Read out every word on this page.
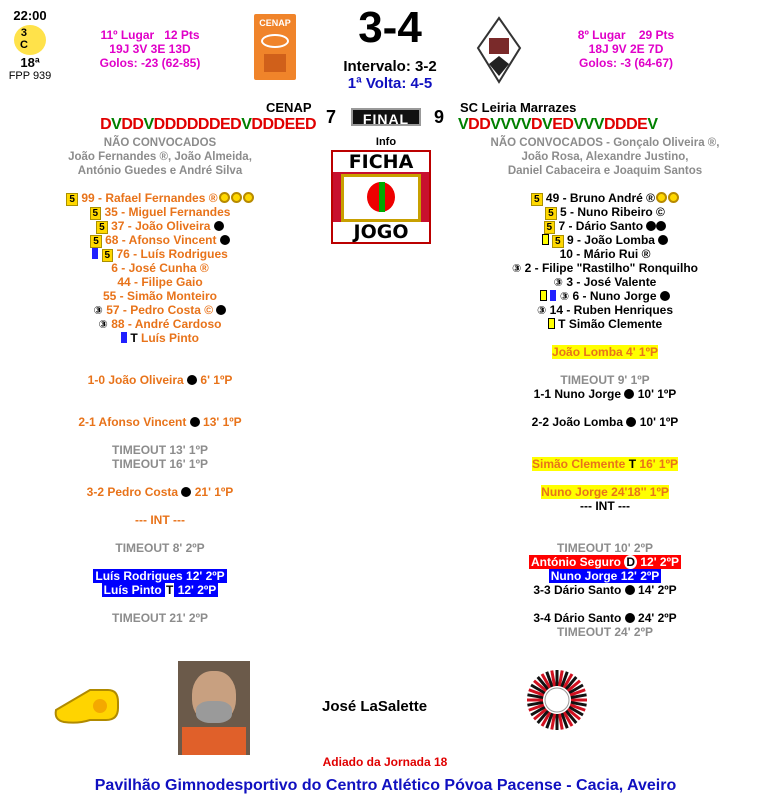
22:00
3
C
18ª
FPP 939
11º Lugar 12 Pts
19J 3V 3E 13D
Golos: -23 (62-85)
CENAP	3-4
Intervalo: 3-2
1ª Volta: 4-5
8º Lugar 29 Pts
18J 9V 2E 7D
Golos: -3 (64-67)
CENAP	SC Leiria Marrazes
DVDDVDDDDDDEDVDDDEED	VDDVVVVDVEDVVVDDDEV
7	FINAL	9
Info
FICHA
JOGO
NÃO CONVOCADOS
João Fernandes ®, João Almeida,
António Guedes e André Silva
NÃO CONVOCADOS - Gonçalo Oliveira ®,
João Rosa, Alexandre Justino,
Daniel Cabaceira e Joaquim Santos
5 99 - Rafael Fernandes ®
5 35 - Miguel Fernandes
5 37 - João Oliveira
5 68 - Afonso Vincent
5 76 - Luís Rodrigues
6 - José Cunha ®
44 - Filipe Gaio
55 - Simão Monteiro
③ 57 - Pedro Costa ©
③ 88 - André Cardoso
T Luís Pinto
5 49 - Bruno André ®
5 5 - Nuno Ribeiro ©
5 7 - Dário Santo
5 9 - João Lomba
10 - Mário Rui ®
③ 2 - Filipe "Rastilho" Ronquilho
③ 3 - José Valente
③ 6 - Nuno Jorge
③ 14 - Ruben Henriques
T Simão Clemente
1-0 João Oliveira 6' 1ºP
2-1 Afonso Vincent 13' 1ºP
TIMEOUT 13' 1ºP
TIMEOUT 16' 1ºP
3-2 Pedro Costa 21' 1ºP
--- INT ---
TIMEOUT 8' 2ºP
Luís Rodrigues 12' 2ºP
Luís Pinto T 12' 2ºP
TIMEOUT 21' 2ºP
João Lomba 4' 1ºP
TIMEOUT 9' 1ºP
1-1 Nuno Jorge 10' 1ºP
2-2 João Lomba 10' 1ºP
Simão Clemente T 16' 1ºP
Nuno Jorge 24'18'' 1ºP
--- INT ---
TIMEOUT 10' 2ºP
António Seguro D 12' 2ºP
Nuno Jorge 12' 2ºP
3-3 Dário Santo 14' 2ºP
3-4 Dário Santo 24' 2ºP
TIMEOUT 24' 2ºP
José LaSalette
Adiado da Jornada 18
Pavilhão Gimnodesportivo do Centro Atlético Póvoa Pacense - Cacia, Aveiro
